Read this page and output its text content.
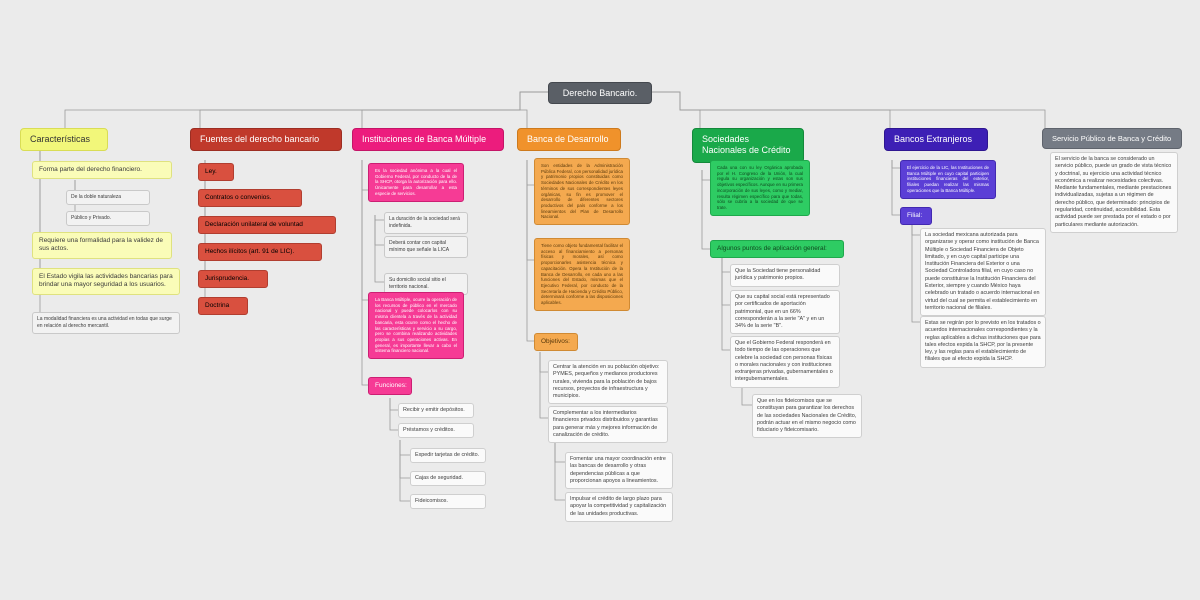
Derecho Bancario.
Características
Forma parte del derecho financiero.
De la doble naturaleza
Público y Privado.
Requiere una formalidad para la validez de sus actos.
El Estado vigila las actividades bancarias para brindar una mayor seguridad a los usuarios.
La modalidad financiera es una actividad en todas que surge en relación al derecho mercantil.
Fuentes del derecho bancario
Ley.
Contratos o convenios.
Declaración unilateral de voluntad
Hechos ilícitos (art. 91 de LIC).
Jurisprudencia.
Doctrina
Instituciones de Banca Múltiple
Es la sociedad anónima a la cual el Gobierno Federal, por conducto de la de la SHCP, otorga la autorización para ello. Únicamente para desarrollar a esta especie de servicios.
La duración de la sociedad será indefinida.
Deberá contar con capital mínimo que señale la LICA
Su domicilio social sitio el territorio nacional.
La Banca Múltiple, ocurre la operación de los recursos de público en el mercado nacional y puede colocarlos con su misma clientela a través de la actividad bancaria, esta ocurre como el hecho de las características y servicio a su cargo, pero se combina realizando actividades propias a sus operaciones activas. En general, es importante llevar a cabo el sistema financiero nacional.
Funciones:
Recibir y emitir depósitos.
Préstamos y créditos.
Expedir tarjetas de crédito.
Cajas de seguridad.
Fideicomisos.
Banca de Desarrollo
Son entidades de la Administración Pública Federal, con personalidad jurídica y patrimonio propios constituidas como Sociedades Nacionales de Crédito en los términos de sus correspondientes leyes orgánicas, su fin es promover el desarrollo de diferentes sectores productivos del país conforme a los lineamientos del Plan de Desarrollo Nacional.
Tiene como objeto fundamental facilitar el acceso al financiamiento a personas físicas y morales, así como proporcionarles asistencia técnica y capacitación. Opera la Institución de la Banca de Desarrollo, en cada uno a las funciones del Estado, mismas que el Ejecutivo Federal, por conducto de la Secretaría de Hacienda y Crédito Público, determinará conforme a las disposiciones aplicables.
Objetivos:
Centrar la atención en su población objetivo: PYMES, pequeños y medianos productores rurales, vivienda para la población de bajos recursos, proyectos de infraestructura y municipios.
Complementar a los intermediarios financieros privados distribuidos y garantías para generar más y mejores información de canalización de crédito.
Fomentar una mayor coordinación entre las bancas de desarrollo y otras dependencias públicas a que proporcionan apoyos a lineamientos.
Impulsar el crédito de largo plazo para apoyar la competitividad y capitalización de las unidades productivas.
Sociedades Nacionales de Crédito
Cada una con su ley Orgánica aprobada por el H. Congreso de la Unión, la cual regula su organización y estas son sus objetivos específicos. Aunque en su primera incorporación de sus leyes, como y mediar, resulta régimen específico para que todas, sólo se cubría a la sociedad de que se trate.
Algunos puntos de aplicación general:
Que la Sociedad tiene personalidad jurídica y patrimonio propios.
Que su capital social está representado por certificados de aportación patrimonial, que en un 66% corresponderán a la serie "A" y en un 34% de la serie "B".
Que el Gobierno Federal responderá en todo tiempo de las operaciones que celebre la sociedad con personas físicas o morales nacionales y con instituciones extranjeras privadas, gubernamentales o intergubernamentales.
Que en los fideicomisos que se constituyan para garantizar los derechos de las sociedades Nacionales de Crédito, podrán actuar en el mismo negocio como fiduciario y fideicomisario.
Bancos Extranjeros
El ejercicio de la LIC, las Instituciones de Banca Múltiple en cuyo capital participen instituciones financieras del exterior, filiales puedan realizar las mismas operaciones que la Banca Múltiple.
Filial:
La sociedad mexicana autorizada para organizarse y operar como institución de Banca Múltiple o Sociedad Financiera de Objeto limitado, y en cuyo capital participe una Institución Financiera del Exterior o una Sociedad Controladora filial, en cuyo caso no puede constituirse la Institución Financiera del Exterior, siempre y cuando México haya celebrado un tratado o acuerdo internacional en virtud del cual se permita el establecimiento en territorio nacional de filiales.
Estas se regirán por lo previsto en los tratados o acuerdos internacionales correspondientes y la reglas aplicables a dichas instituciones que para tales efectos expida la SHCP, por la presente ley, y las reglas para el establecimiento de filiales que al efecto expida la SHCP.
Servicio Público de Banca y Crédito
El servicio de la banca se considerado un servicio público, puede un grado de vista técnico y doctrinal, su ejercicio una actividad técnico económica a realizar necesidades colectivas. Mediante fundamentales, mediante prestaciones individualizadas, sujetas a un régimen de derecho público, que determinado: principios de regularidad, continuidad, accesibilidad. Esta actividad puede ser prestada por el estado o por particulares mediante autorización.
